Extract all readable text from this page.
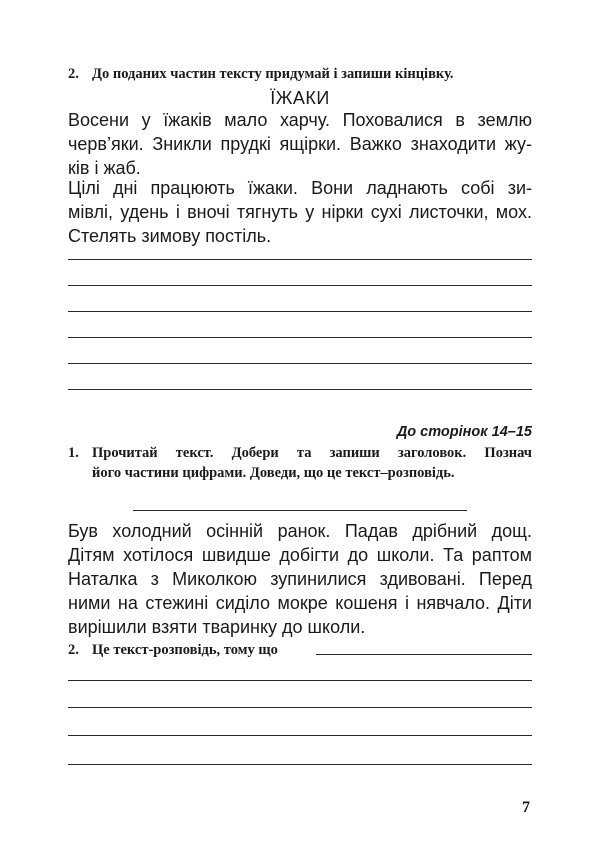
2. До поданих частин тексту придумай і запиши кінцівку.
ЇЖАКИ
Восени у їжаків мало харчу. Поховалися в землю
черв’яки. Зникли прудкі ящірки. Важко знаходити жу-
ків і жаб.
Цілі дні працюють їжаки. Вони ладнають собі зи-
мівлі, удень і вночі тягнуть у нірки сухі листочки, мох.
Стелять зимову постіль.
До сторінок 14–15
1. Прочитай текст. Добери та запиши заголовок. Познач
його частини цифрами. Доведи, що це текст–розповідь.
Був холодний осінній ранок. Падав дрібний дощ.
Дітям хотілося швидше добігти до школи. Та раптом
Наталка з Миколкою зупинилися здивовані. Перед
ними на стежині сиділо мокре кошеня і нявчало. Діти
вирішили взяти тваринку до школи.
2. Це текст-розповідь, тому що
7
